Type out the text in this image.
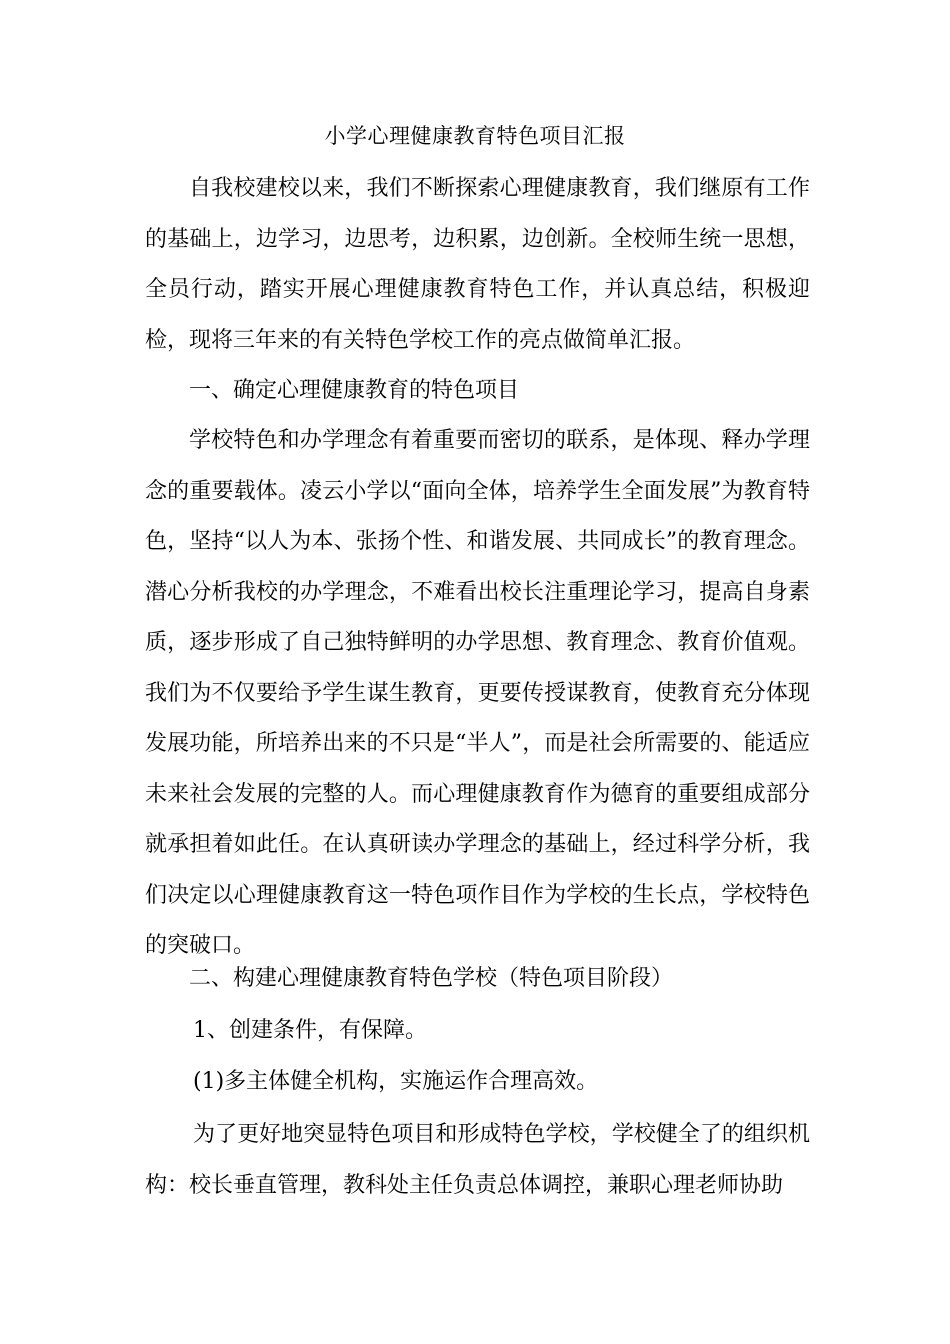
小学心理健康教育特色项目汇报

自我校建校以来，我们不断探索心理健康教育，我们继原有工作的基础上，边学习，边思考，边积累，边创新。全校师生统一思想，全员行动，踏实开展心理健康教育特色工作，并认真总结，积极迎检，现将三年来的有关特色学校工作的亮点做简单汇报。

一、确定心理健康教育的特色项目

学校特色和办学理念有着重要而密切的联系，是体现、释办学理念的重要载体。凌云小学以“面向全体，培养学生全面发展”为教育特色，坚持“以人为本、张扬个性、和谐发展、共同成长”的教育理念。潜心分析我校的办学理念，不难看出校长注重理论学习，提高自身素质，逐步形成了自己独特鲜明的办学思想、教育理念、教育价值观。我们为不仅要给予学生谋生教育，更要传授谋教育，使教育充分体现发展功能，所培养出来的不只是“半人”，而是社会所需要的、能适应未来社会发展的完整的人。而心理健康教育作为德育的重要组成部分就承担着如此任。在认真研读办学理念的基础上，经过科学分析，我们决定以心理健康教育这一特色项作目作为学校的生长点，学校特色的突破口。

二、构建心理健康教育特色学校（特色项目阶段）

1、创建条件，有保障。

(1)多主体健全机构，实施运作合理高效。

为了更好地突显特色项目和形成特色学校，学校健全了的组织机构：校长垂直管理，教科处主任负责总体调控，兼职心理老师协助
